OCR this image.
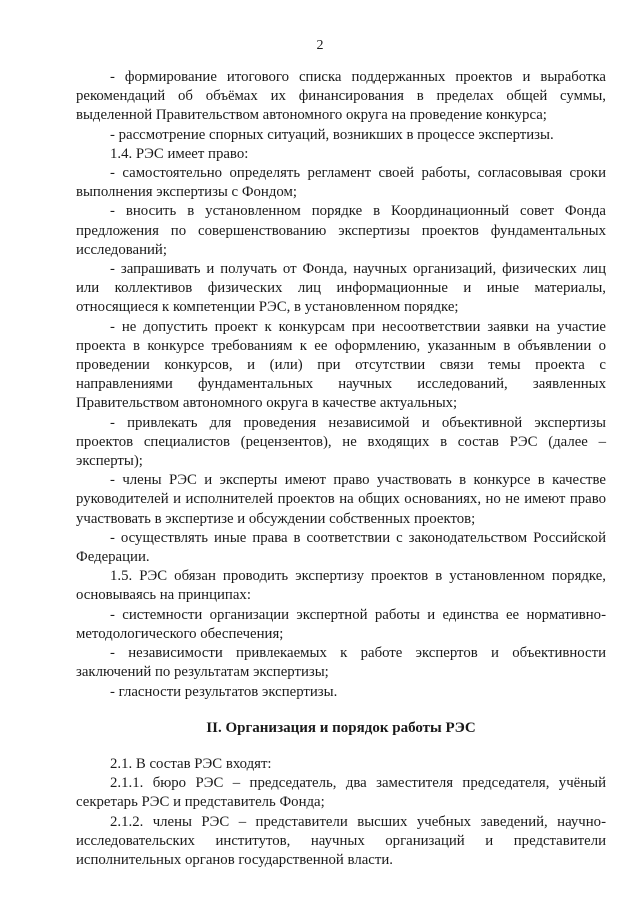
2

- формирование итогового списка поддержанных проектов и выработка рекомендаций об объёмах их финансирования в пределах общей суммы, выделенной Правительством автономного округа на проведение конкурса;

- рассмотрение спорных ситуаций, возникших в процессе экспертизы.

1.4. РЭС имеет право:

- самостоятельно определять регламент своей работы, согласовывая сроки выполнения экспертизы с Фондом;

- вносить в установленном порядке в Координационный совет Фонда предложения по совершенствованию экспертизы проектов фундаментальных исследований;

- запрашивать и получать от Фонда, научных организаций, физических лиц или коллективов физических лиц информационные и иные материалы, относящиеся к компетенции РЭС, в установленном порядке;

- не допустить проект к конкурсам при несоответствии заявки на участие проекта в конкурсе требованиям к ее оформлению, указанным в объявлении о проведении конкурсов, и (или) при отсутствии связи темы проекта с направлениями фундаментальных научных исследований, заявленных Правительством автономного округа в качестве актуальных;

- привлекать для проведения независимой и объективной экспертизы проектов специалистов (рецензентов), не входящих в состав РЭС (далее – эксперты);

- члены РЭС и эксперты имеют право участвовать в конкурсе в качестве руководителей и исполнителей проектов на общих основаниях, но не имеют право участвовать в экспертизе и обсуждении собственных проектов;

- осуществлять иные права в соответствии с законодательством Российской Федерации.

1.5. РЭС обязан проводить экспертизу проектов в установленном порядке, основываясь на принципах:

- системности организации экспертной работы и единства ее нормативно-методологического обеспечения;

- независимости привлекаемых к работе экспертов и объективности заключений по результатам экспертизы;

- гласности результатов экспертизы.

II. Организация и порядок работы РЭС

2.1. В состав РЭС входят:

2.1.1. бюро РЭС – председатель, два заместителя председателя, учёный секретарь РЭС и представитель Фонда;

2.1.2. члены РЭС – представители высших учебных заведений, научно-исследовательских институтов, научных организаций и представители исполнительных органов государственной власти.
